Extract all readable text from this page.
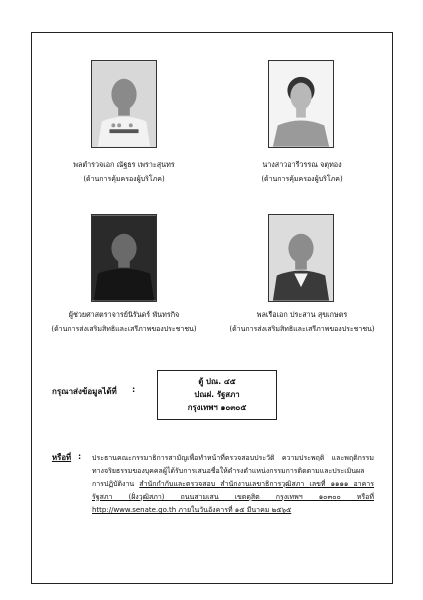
พลตำรวจเอก ณัฐธร เพราะสุนทร
(ด้านการคุ้มครองผู้บริโภค)
นางสาวอารีวรรณ จตุทอง
(ด้านการคุ้มครองผู้บริโภค)
ผู้ช่วยศาสตราจารย์นิรันดร์ พันทรกิจ
(ด้านการส่งเสริมสิทธิและเสรีภาพของประชาชน)
พลเรือเอก ประสาน สุขเกษตร
(ด้านการส่งเสริมสิทธิและเสรีภาพของประชาชน)
กรุณาส่งข้อมูลได้ที่ :
ตู้ ปณ. ๔๕
ปณฝ. รัฐสภา
กรุงเทพฯ ๑๐๓๐๕
หรือที่ : ประธานคณะกรรมาธิการสามัญเพื่อทำหน้าที่ตรวจสอบประวัติ ความประพฤติ และพฤติกรรมทางจริยธรรมของบุคคลผู้ได้รับการเสนอชื่อให้ดำรงตำแหน่งกรรมการติดตามและประเมินผลการปฏิบัติงาน สำนักกำกับและตรวจสอบ สำนักงานเลขาธิการวุฒิสภา เลขที่ ๑๑๑๑ อาคารรัฐสภา (ฝั่งวุฒิสภา) ถนนสามเสน เขตดุสิต กรุงเทพฯ ๑๐๓๐๐ หรือที่ http://www.senate.go.th ภายในวันอังคารที่ ๑๕ มีนาคม ๒๕๖๕
